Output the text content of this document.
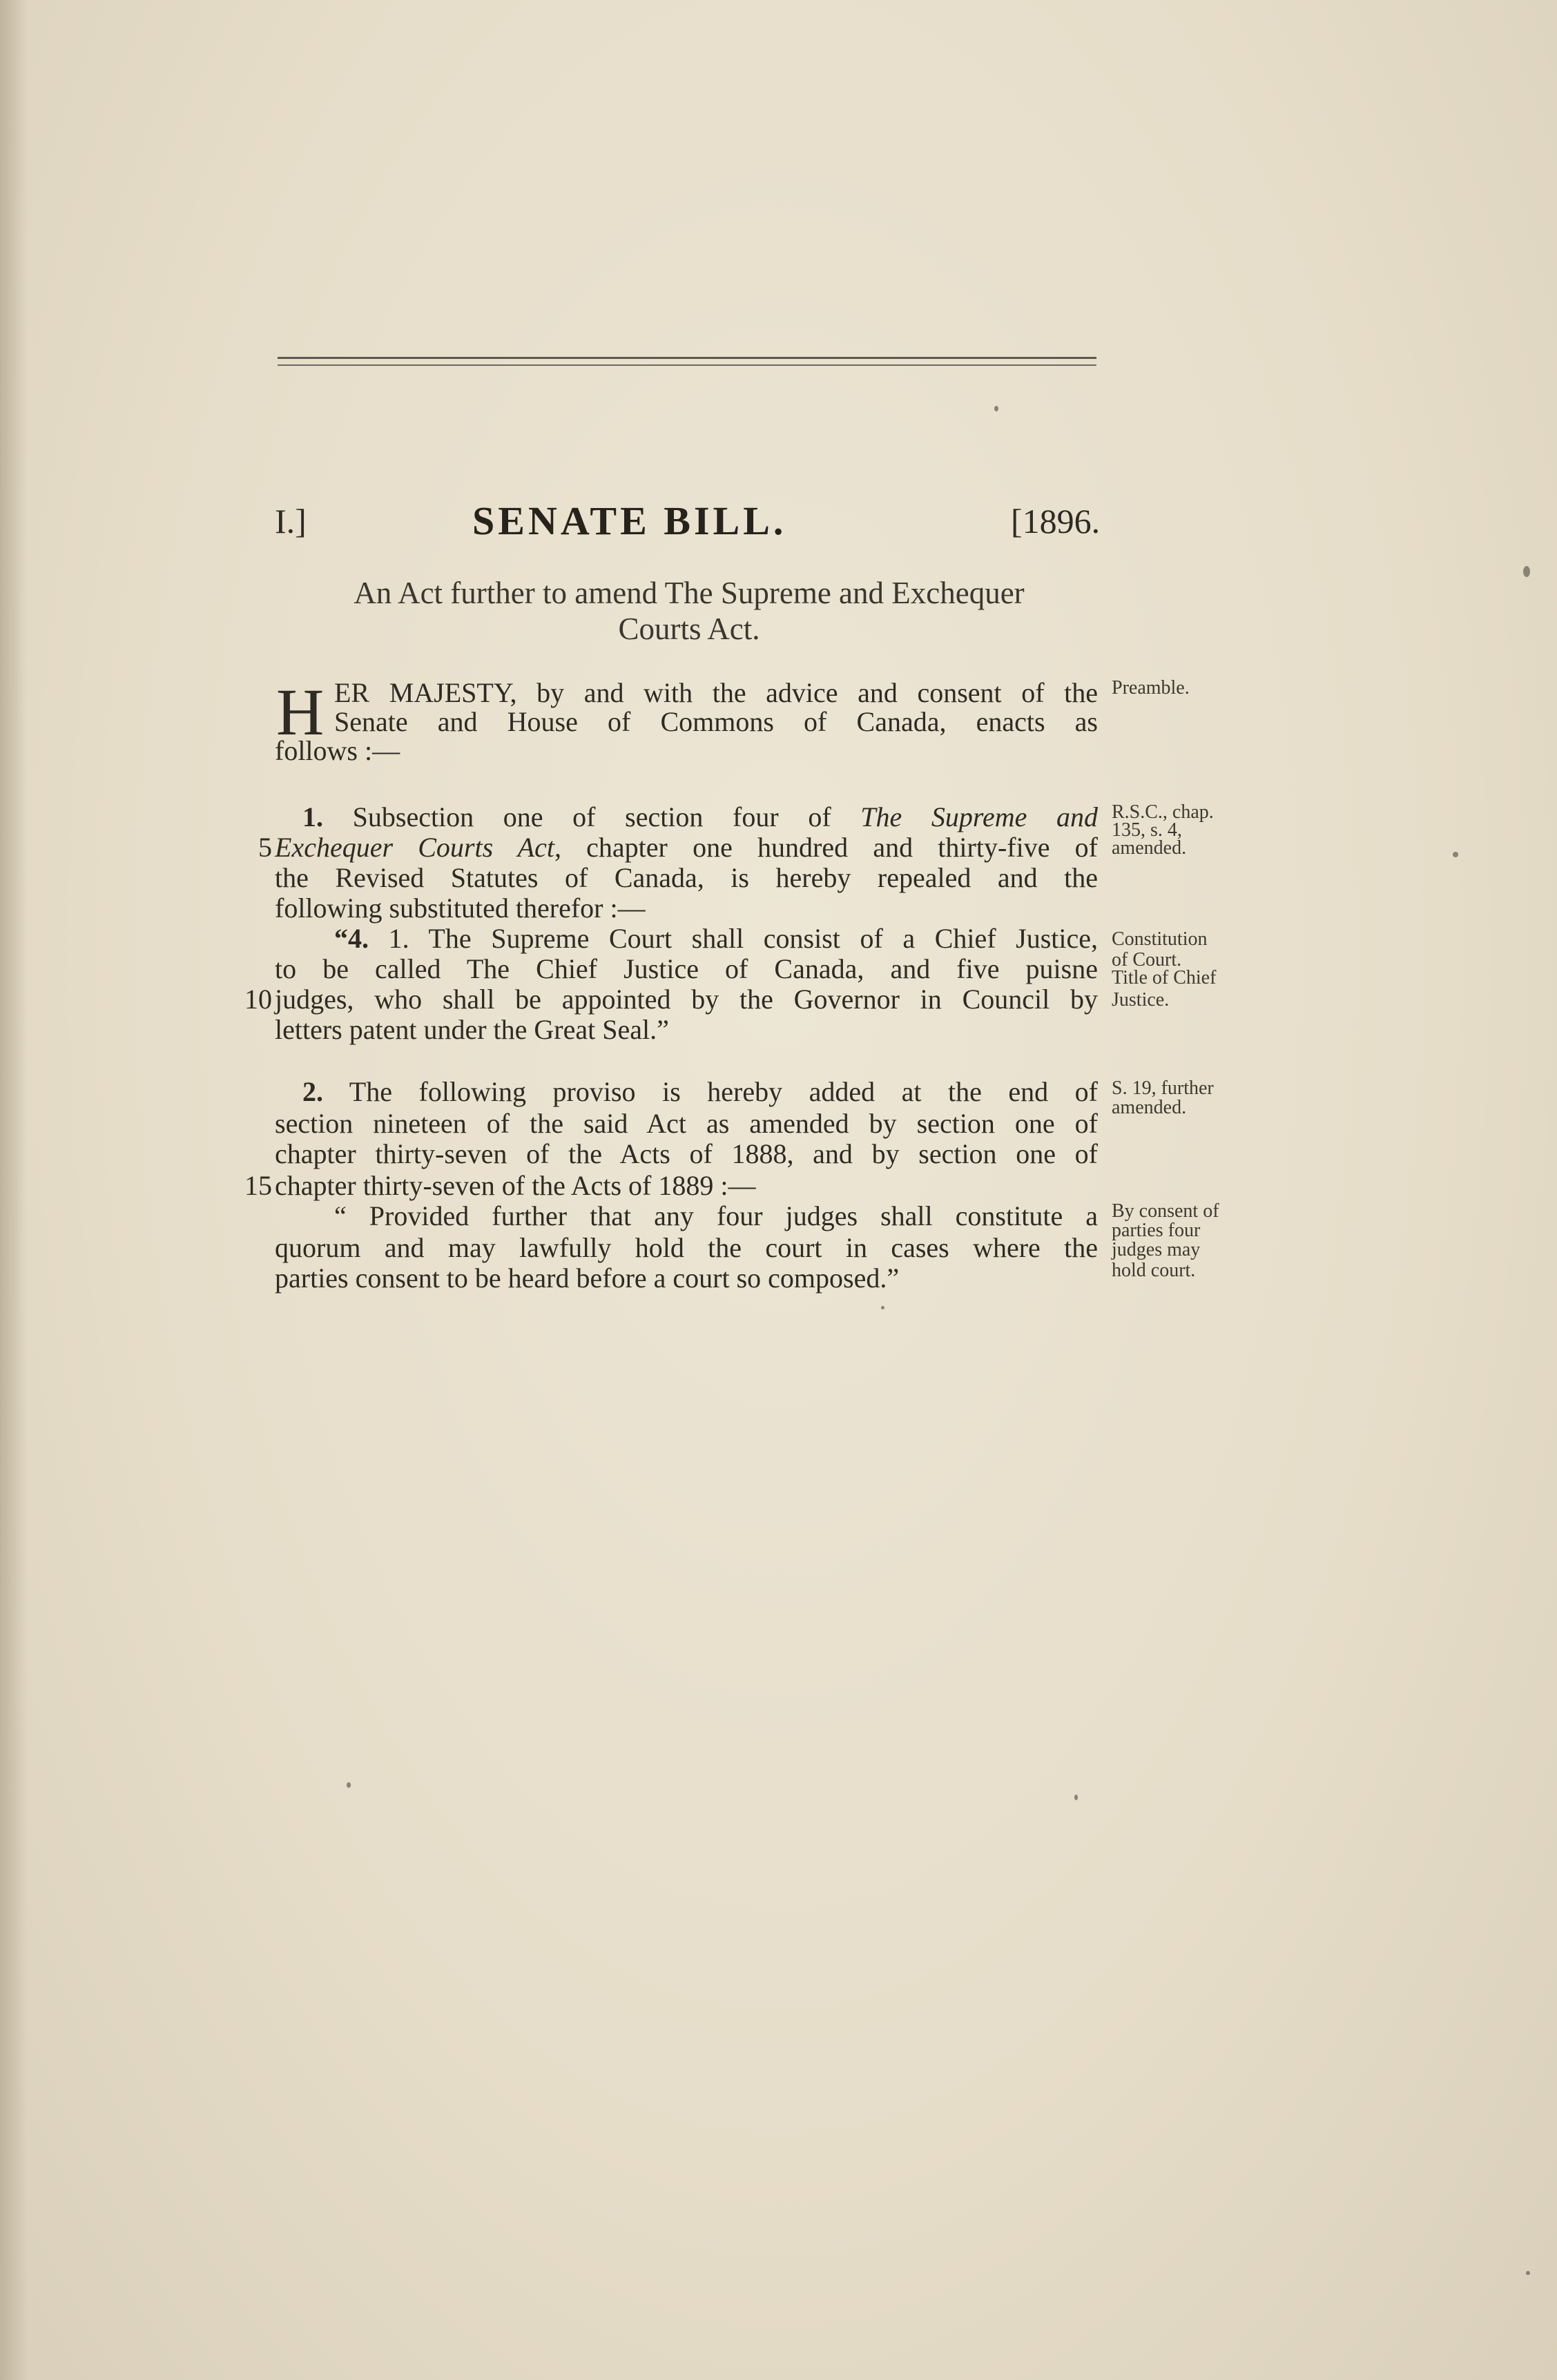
I.]	SENATE BILL.	[1896.
An Act further to amend The Supreme and Exchequer
Courts Act.
H ER MAJESTY, by and with the advice and consent of the
Senate and House of Commons of Canada, enacts as
follows :—
Preamble.
1. Subsection one of section four of The Supreme and
Exchequer Courts Act, chapter one hundred and thirty-five of
the Revised Statutes of Canada, is hereby repealed and the
following substituted therefor :—
“4. 1. The Supreme Court shall consist of a Chief Justice,
to be called The Chief Justice of Canada, and five puisne
judges, who shall be appointed by the Governor in Council by
letters patent under the Great Seal.”
5
10
R.S.C., chap.
135, s. 4,
amended.
Constitution
of Court.
Title of Chief
Justice.
2. The following proviso is hereby added at the end of
section nineteen of the said Act as amended by section one of
chapter thirty-seven of the Acts of 1888, and by section one of
chapter thirty-seven of the Acts of 1889 :—
“ Provided further that any four judges shall constitute a
quorum and may lawfully hold the court in cases where the
parties consent to be heard before a court so composed.”
15
S. 19, further
amended.
By consent of
parties four
judges may
hold court.
